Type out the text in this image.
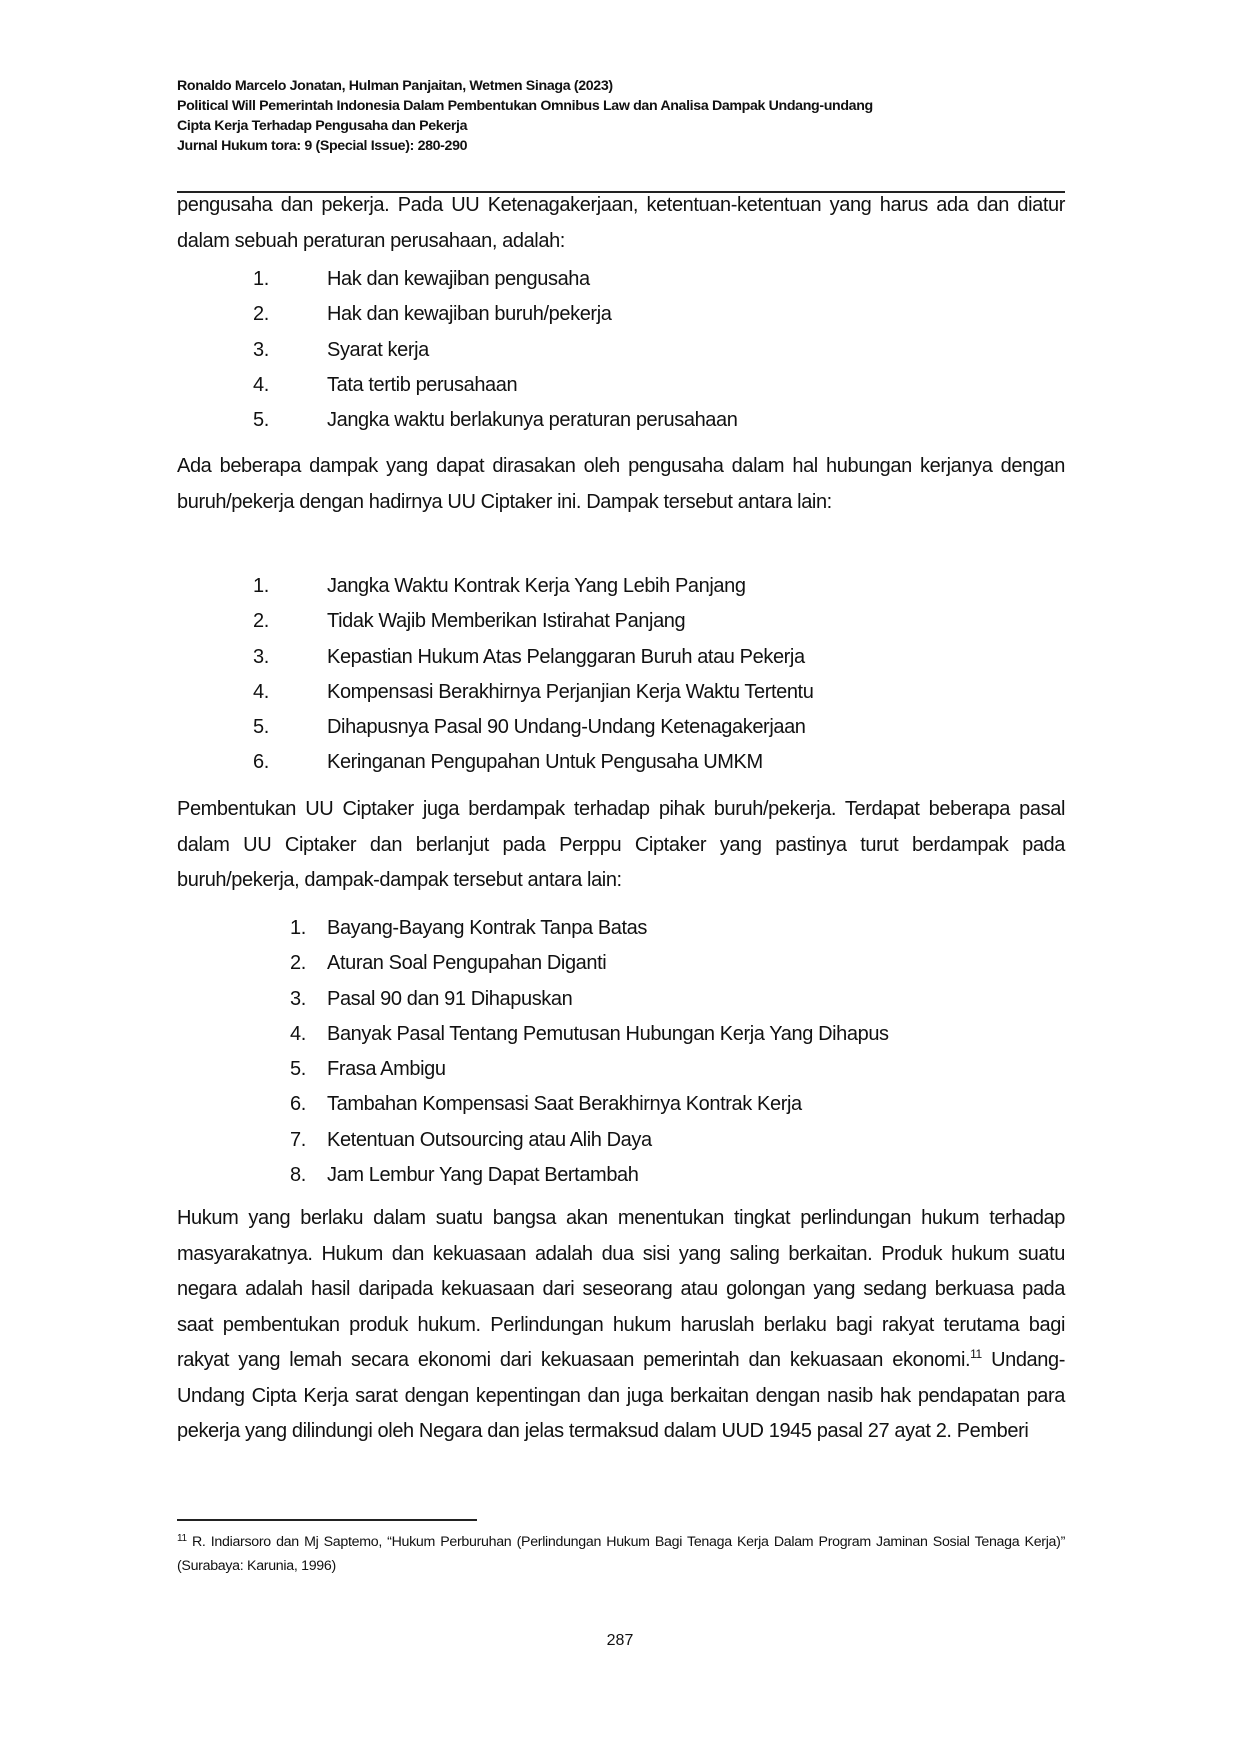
Ronaldo Marcelo Jonatan, Hulman Panjaitan, Wetmen Sinaga (2023)
Political Will Pemerintah Indonesia Dalam Pembentukan Omnibus Law dan Analisa Dampak Undang-undang
Cipta Kerja Terhadap Pengusaha dan Pekerja
Jurnal Hukum tora: 9 (Special Issue): 280-290

pengusaha dan pekerja. Pada UU Ketenagakerjaan, ketentuan-ketentuan yang harus ada dan diatur dalam sebuah peraturan perusahaan, adalah:

1.	Hak dan kewajiban pengusaha
2.	Hak dan kewajiban buruh/pekerja
3.	Syarat kerja
4.	Tata tertib perusahaan
5.	Jangka waktu berlakunya peraturan perusahaan

Ada beberapa dampak yang dapat dirasakan oleh pengusaha dalam hal hubungan kerjanya dengan buruh/pekerja dengan hadirnya UU Ciptaker ini. Dampak tersebut antara lain:

1.	Jangka Waktu Kontrak Kerja Yang Lebih Panjang
2.	Tidak Wajib Memberikan Istirahat Panjang
3.	Kepastian Hukum Atas Pelanggaran Buruh atau Pekerja
4.	Kompensasi Berakhirnya Perjanjian Kerja Waktu Tertentu
5.	Dihapusnya Pasal 90 Undang-Undang Ketenagakerjaan
6.	Keringanan Pengupahan Untuk Pengusaha UMKM

Pembentukan UU Ciptaker juga berdampak terhadap pihak buruh/pekerja. Terdapat beberapa pasal dalam UU Ciptaker dan berlanjut pada Perppu Ciptaker yang pastinya turut berdampak pada buruh/pekerja, dampak-dampak tersebut antara lain:

1. Bayang-Bayang Kontrak Tanpa Batas
2. Aturan Soal Pengupahan Diganti
3. Pasal 90 dan 91 Dihapuskan
4. Banyak Pasal Tentang Pemutusan Hubungan Kerja Yang Dihapus
5. Frasa Ambigu
6. Tambahan Kompensasi Saat Berakhirnya Kontrak Kerja
7. Ketentuan Outsourcing atau Alih Daya
8. Jam Lembur Yang Dapat Bertambah

Hukum yang berlaku dalam suatu bangsa akan menentukan tingkat perlindungan hukum terhadap masyarakatnya. Hukum dan kekuasaan adalah dua sisi yang saling berkaitan. Produk hukum suatu negara adalah hasil daripada kekuasaan dari seseorang atau golongan yang sedang berkuasa pada saat pembentukan produk hukum. Perlindungan hukum haruslah berlaku bagi rakyat terutama bagi rakyat yang lemah secara ekonomi dari kekuasaan pemerintah dan kekuasaan ekonomi.$^{11}$ Undang-Undang Cipta Kerja sarat dengan kepentingan dan juga berkaitan dengan nasib hak pendapatan para pekerja yang dilindungi oleh Negara dan jelas termaksud dalam UUD 1945 pasal 27 ayat 2. Pemberi

$^{11}$ R. Indiarsoro dan Mj Saptemo, “Hukum Perburuhan (Perlindungan Hukum Bagi Tenaga Kerja Dalam Program Jaminan Sosial Tenaga Kerja)” (Surabaya: Karunia, 1996)
287
